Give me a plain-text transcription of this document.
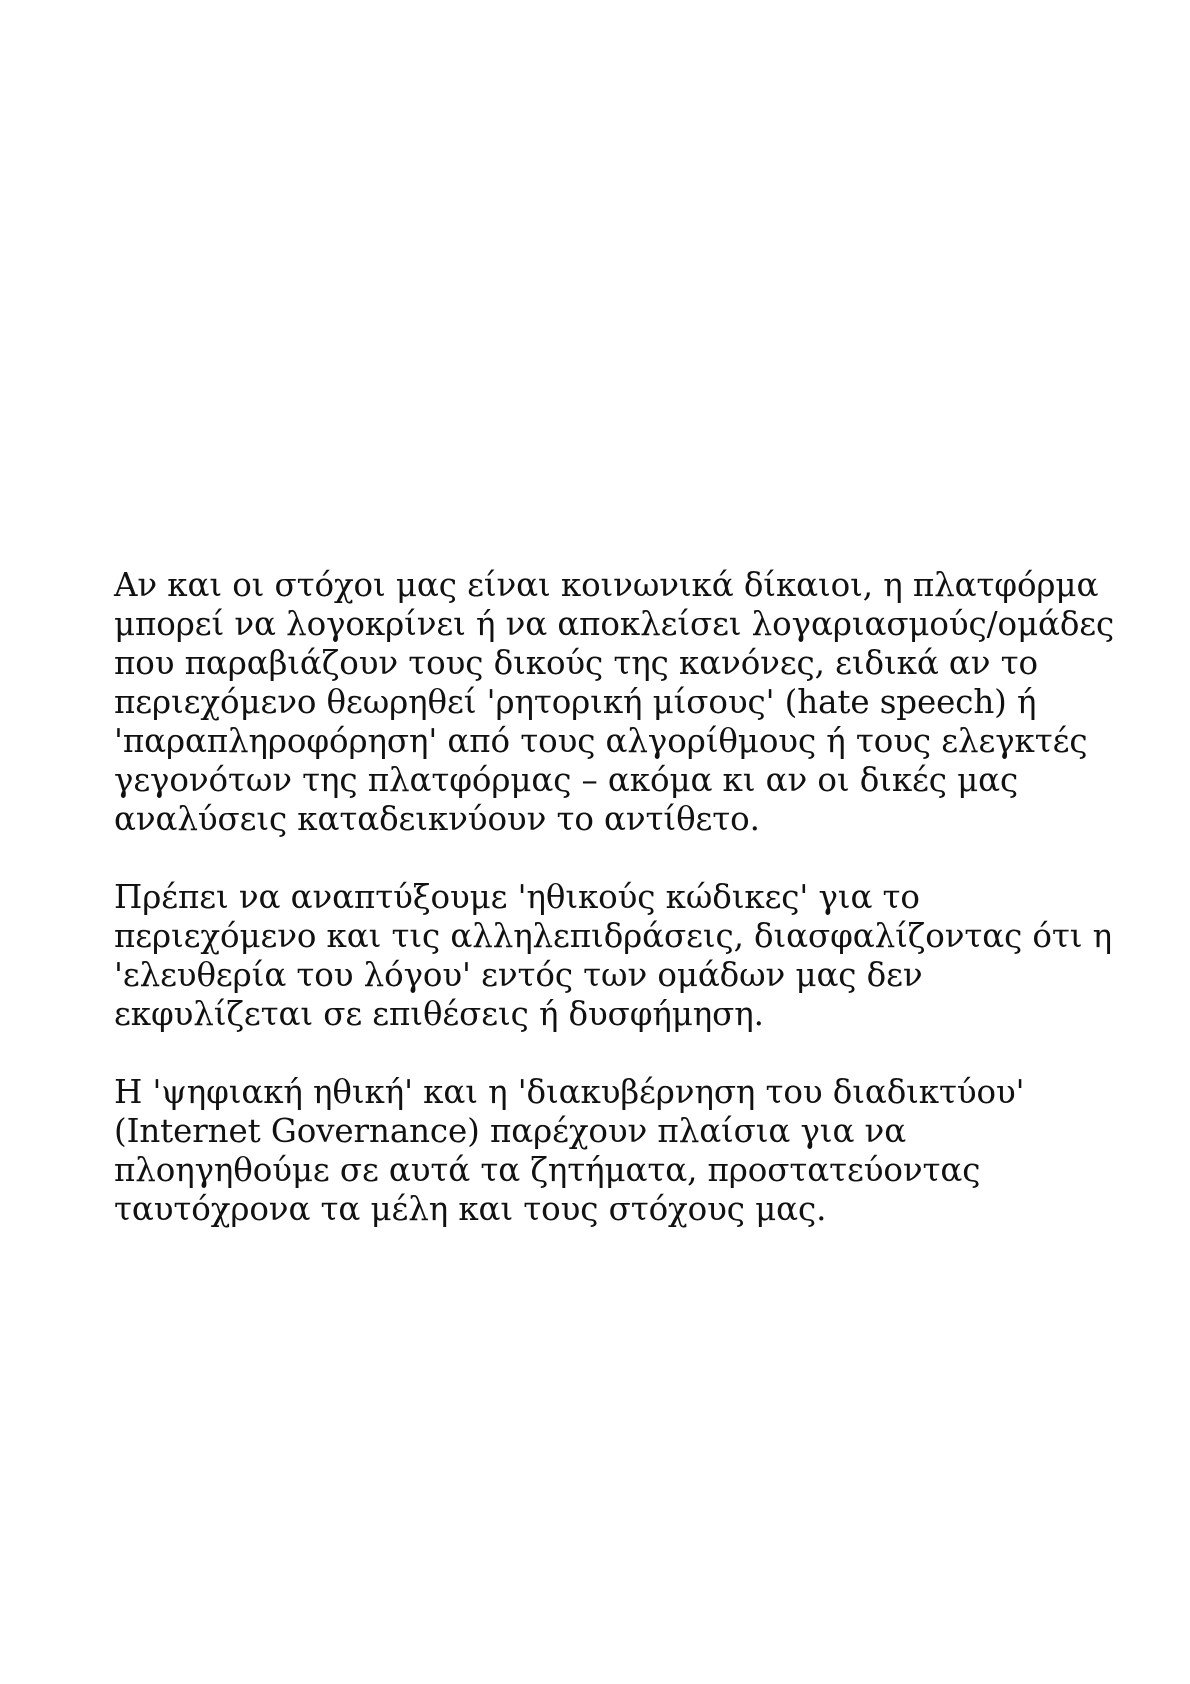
Αν και οι στόχοι μας είναι κοινωνικά δίκαιοι, η πλατφόρμα
μπορεί να λογοκρίνει ή να αποκλείσει λογαριασμούς/ομάδες
που παραβιάζουν τους δικούς της κανόνες, ειδικά αν το
περιεχόμενο θεωρηθεί 'ρητορική μίσους' (hate speech) ή
'παραπληροφόρηση' από τους αλγορίθμους ή τους ελεγκτές
γεγονότων της πλατφόρμας – ακόμα κι αν οι δικές μας
αναλύσεις καταδεικνύουν το αντίθετο.

Πρέπει να αναπτύξουμε 'ηθικούς κώδικες' για το
περιεχόμενο και τις αλληλεπιδράσεις, διασφαλίζοντας ότι η
'ελευθερία του λόγου' εντός των ομάδων μας δεν
εκφυλίζεται σε επιθέσεις ή δυσφήμηση.

Η 'ψηφιακή ηθική' και η 'διακυβέρνηση του διαδικτύου'
(Internet Governance) παρέχουν πλαίσια για να
πλοηγηθούμε σε αυτά τα ζητήματα, προστατεύοντας
ταυτόχρονα τα μέλη και τους στόχους μας.
